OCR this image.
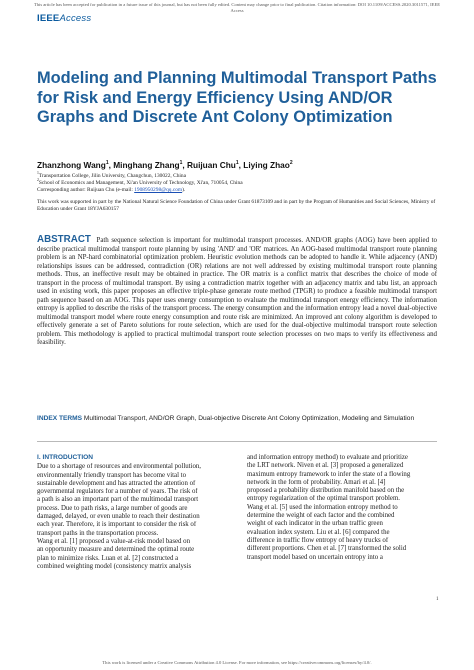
This article has been accepted for publication in a future issue of this journal, but has not been fully edited. Content may change prior to final publication. Citation information: DOI 10.1109/ACCESS.2020.3011571, IEEE
Access
IEEEAccess
Modeling and Planning Multimodal Transport Paths for Risk and Energy Efficiency Using AND/OR Graphs and Discrete Ant Colony Optimization
Zhanzhong Wang$^1$, Minghang Zhang$^1$, Ruijuan Chu$^1$, Liying Zhao$^2$
$^1$Transportation College, Jilin University, Changchun, 130022, China
$^2$School of Economics and Management, Xi'an University of Technology, Xi'an, 710054, China
Corresponding author: Ruijuan Chu (e-mail: 1908950298@qq.com).
This work was supported in part by the National Natural Science Foundation of China under Grant 61873109 and in part by the Program of Humanities and Social Sciences, Ministry of Education under Grant 18YJA630157
ABSTRACT Path sequence selection is important for multimodal transport processes. AND/OR graphs (AOG) have been applied to describe practical multimodal transport route planning by using 'AND' and 'OR' matrices. An AOG-based multimodal transport route planning problem is an NP-hard combinatorial optimization problem. Heuristic evolution methods can be adopted to handle it. While adjacency (AND) relationships issues can be addressed, contradiction (OR) relations are not well addressed by existing multimodal transport route planning methods. Thus, an ineffective result may be obtained in practice. The OR matrix is a conflict matrix that describes the choice of mode of transport in the process of multimodal transport. By using a contradiction matrix together with an adjacency matrix and tabu list, an approach used in existing work, this paper proposes an effective triple-phase generate route method (TPGR) to produce a feasible multimodal transport path sequence based on an AOG. This paper uses energy consumption to evaluate the multimodal transport energy efficiency. The information entropy is applied to describe the risks of the transport process. The energy consumption and the information entropy lead a novel dual-objective multimodal transport model where route energy consumption and route risk are minimized. An improved ant colony algorithm is developed to effectively generate a set of Pareto solutions for route selection, which are used for the dual-objective multimodal transport route selection problem. This methodology is applied to practical multimodal transport route selection processes on two maps to verify its effectiveness and feasibility.
INDEX TERMS Multimodal Transport, AND/OR Graph, Dual-objective Discrete Ant Colony Optimization, Modeling and Simulation
I. INTRODUCTION
Due to a shortage of resources and environmental pollution,
environmentally friendly transport has become vital to
sustainable development and has attracted the attention of
governmental regulators for a number of years. The risk of
a path is also an important part of the multimodal transport
process. Due to path risks, a large number of goods are
damaged, delayed, or even unable to reach their destination
each year. Therefore, it is important to consider the risk of
transport paths in the transportation process.
Wang et al. [1] proposed a value-at-risk model based on
an opportunity measure and determined the optimal route
plan to minimize risks. Luan et al. [2] constructed a
combined weighting model (consistency matrix analysis
and information entropy method) to evaluate and prioritize
the LRT network. Niven et al. [3] proposed a generalized
maximum entropy framework to infer the state of a flowing
network in the form of probability. Amari et al. [4]
proposed a probability distribution manifold based on the
entropy regularization of the optimal transport problem.
Wang et al. [5] used the information entropy method to
determine the weight of each factor and the combined
weight of each indicator in the urban traffic green
evaluation index system. Liu et al. [6] compared the
difference in traffic flow entropy of heavy trucks of
different proportions. Chen et al. [7] transformed the solid
transport model based on uncertain entropy into a
1
This work is licensed under a Creative Commons Attribution 4.0 License. For more information, see https://creativecommons.org/licenses/by/4.0/.
